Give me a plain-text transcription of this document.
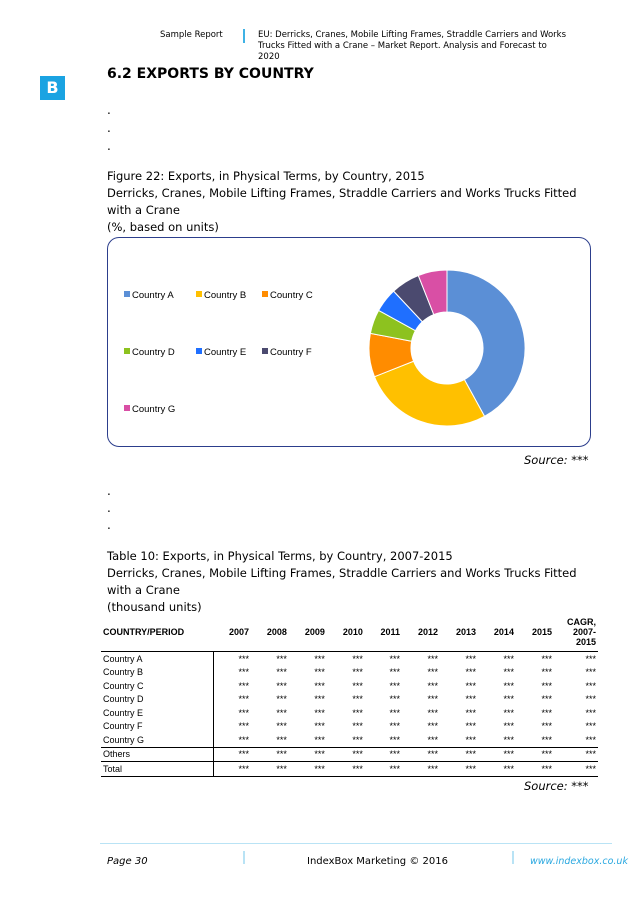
Sample Report	EU: Derricks, Cranes, Mobile Lifting Frames, Straddle Carriers and Works Trucks Fitted with a Crane – Market Report. Analysis and Forecast to 2020
B
6.2 EXPORTS BY COUNTRY
.
.
.
Figure 22: Exports, in Physical Terms, by Country, 2015
Derricks, Cranes, Mobile Lifting Frames, Straddle Carriers and Works Trucks Fitted with a Crane
(%, based on units)
Country A	Country B	Country C
Country D	Country E	Country F
Country G
Source: ***
.
.
.
Table 10: Exports, in Physical Terms, by Country, 2007-2015
Derricks, Cranes, Mobile Lifting Frames, Straddle Carriers and Works Trucks Fitted with a Crane
(thousand units)
COUNTRY/PERIOD	2007	2008	2009	2010	2011	2012	2013	2014	2015	CAGR, 2007-2015
Country A	***	***	***	***	***	***	***	***	***	***
Country B	***	***	***	***	***	***	***	***	***	***
Country C	***	***	***	***	***	***	***	***	***	***
Country D	***	***	***	***	***	***	***	***	***	***
Country E	***	***	***	***	***	***	***	***	***	***
Country F	***	***	***	***	***	***	***	***	***	***
Country G	***	***	***	***	***	***	***	***	***	***
Others	***	***	***	***	***	***	***	***	***	***
Total	***	***	***	***	***	***	***	***	***	***
Source: ***
Page 30	IndexBox Marketing © 2016	www.indexbox.co.uk
